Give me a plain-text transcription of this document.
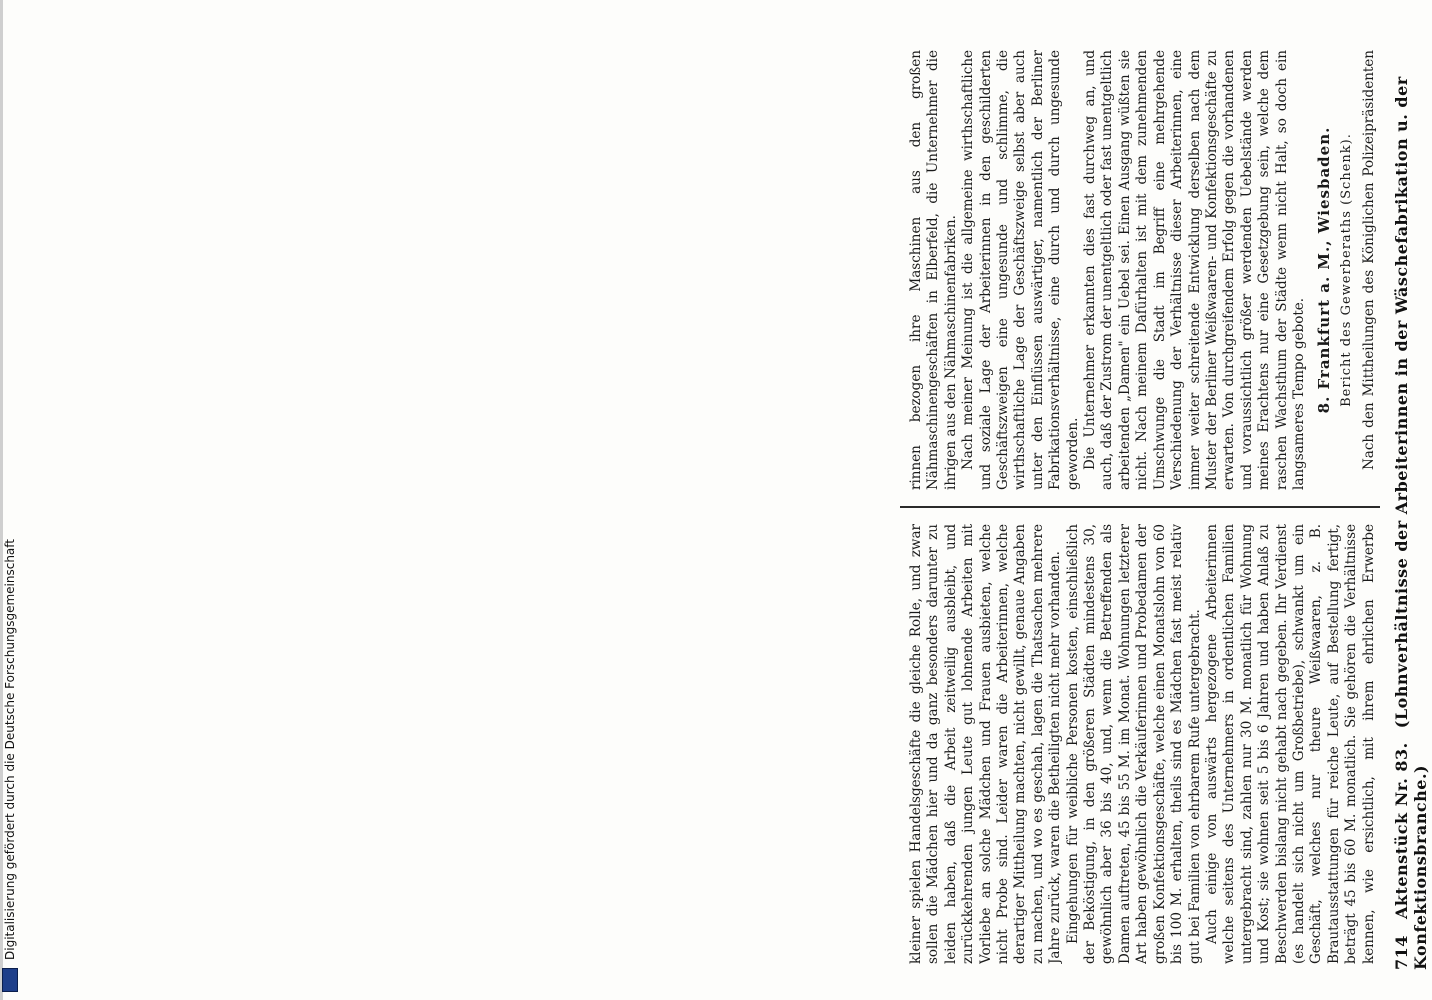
714 Aktenstück Nr. 83. (Lohnverhältnisse der Arbeiterinnen in der Wäschefabrikation u. der Konfektionsbranche.)

kleiner spielen Handelsgeschäfte die gleiche Rolle, und zwar sollen die Mädchen hier und da ganz besonders darunter zu leiden haben, daß die Arbeit zeitweilig ausbleibt, und zurückkehrenden jungen Leute gut lohnende Arbeiten mit Vorliebe an solche Mädchen und Frauen ausbieten, welche nicht Probe sind. Leider waren die Arbeiterinnen, welche derartiger Mittheilung machten, nicht gewillt, genaue Angaben zu machen, und wo es geschah, lagen die Thatsachen mehrere Jahre zurück, waren die Betheiligten nicht mehr vorhanden. Eingehungen für weibliche Personen kosten, einschließlich der Beköstigung, in den größeren Städten mindestens 30, gewöhnlich aber 36 bis 40, und, wenn die Betreffenden als Damen auftreten, 45 bis 55 M. im Monat. Wohnungen letzterer Art haben gewöhnlich die Verkäuferinnen und Probedamen der großen Konfektionsgeschäfte, welche einen Monatslohn von 60 bis 100 M. erhalten, theils sind es Mädchen fast meist relativ gut bei Familien von ehrbarem Rufe untergebracht. Auch einige von auswärts hergezogene Arbeiterinnen welche seitens des Unternehmers in ordentlichen Familien untergebracht sind, zahlen nur 30 M. monatlich für Wohnung und Kost; sie wohnen seit 5 bis 6 Jahren und haben Anlaß zu Beschwerden bislang nicht gehabt nach gegeben. Ihr Verdienst (es handelt sich nicht um Großbetriebe), schwankt um ein Geschäft, welches nur theure Weißwaaren, z. B. Brautausstattungen für reiche Leute, auf Bestellung fertigt, beträgt 45 bis 60 M. monatlich. Sie gehören die Verhältnisse kennen, wie ersichtlich, mit ihrem ehrlichen Erwerbe

rinnen bezogen ihre Maschinen aus den großen Nähmaschinengeschäften in Elberfeld, die Unternehmer die ihrigen aus den Nähmaschinenfabriken. Nach meiner Meinung ist die allgemeine wirthschaftliche und soziale Lage der Arbeiterinnen in den geschilderten Geschäftszweigen eine ungesunde und schlimme, die wirthschaftliche Lage der Geschäftszweige selbst aber auch unter den Einflüssen auswärtiger, namentlich der Berliner Fabrikationsverhältnisse, eine durch und durch ungesunde geworden. Die Unternehmer erkannten dies fast durchweg an, und auch, daß der Zustrom der unentgeltlich oder fast unentgeltlich arbeitenden „Damen" ein Uebel sei. Einen Ausgang wüßten sie nicht. Nach meinem Dafürhalten ist mit dem zunehmenden Umschwunge die Stadt im Begriff eine mehrgehende Verschiedenung der Verhältnisse dieser Arbeiterinnen, eine immer weiter schreitende Entwicklung derselben nach dem Muster der Berliner Weißwaaren- und Konfektionsgeschäfte zu erwarten. Von durchgreifendem Erfolg gegen die vorhandenen und voraussichtlich größer werdenden Uebelstände werden meines Erachtens nur eine Gesetzgebung sein, welche dem raschen Wachsthum der Städte wenn nicht Halt, so doch ein langsameres Tempo gebote. 8. Frankfurt a. M., Wiesbaden. Bericht des Gewerberaths (Schenk).

Nach den Mittheilungen des Königlichen Polizeipräsidenten

Digitalisierung gefördert durch die Deutsche Forschungsgemeinschaft
